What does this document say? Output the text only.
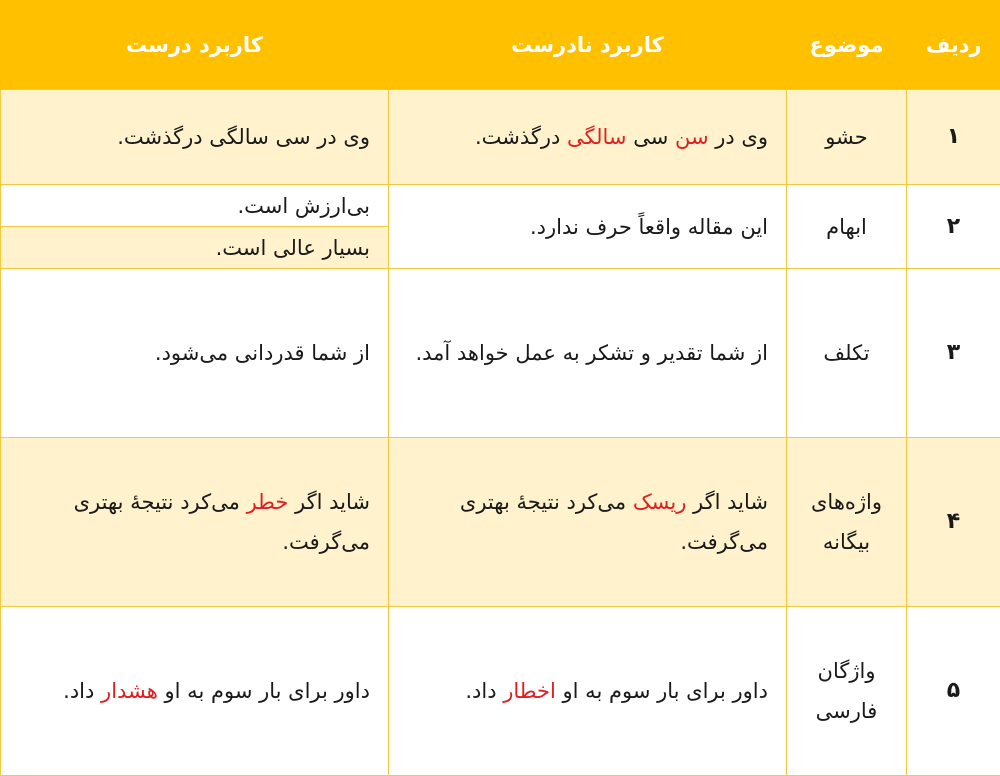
ردیف	موضوع	کاربرد نادرست	کاربرد درست
۱	حشو	وی در سن سی سالگی درگذشت.	وی در سی سالگی درگذشت.
۲	ابهام	این مقاله واقعاً حرف ندارد.	بی‌ارزش است.
			بسیار عالی است.
۳	تکلف	از شما تقدیر و تشکر به عمل خواهد آمد.	از شما قدردانی می‌شود.
۴	واژه‌های بیگانه	شاید اگر ریسک می‌کرد نتیجهٔ بهتری می‌گرفت.	شاید اگر خطر می‌کرد نتیجهٔ بهتری می‌گرفت.
۵	واژگان فارسی	داور برای بار سوم به او اخطار داد.	داور برای بار سوم به او هشدار داد.
